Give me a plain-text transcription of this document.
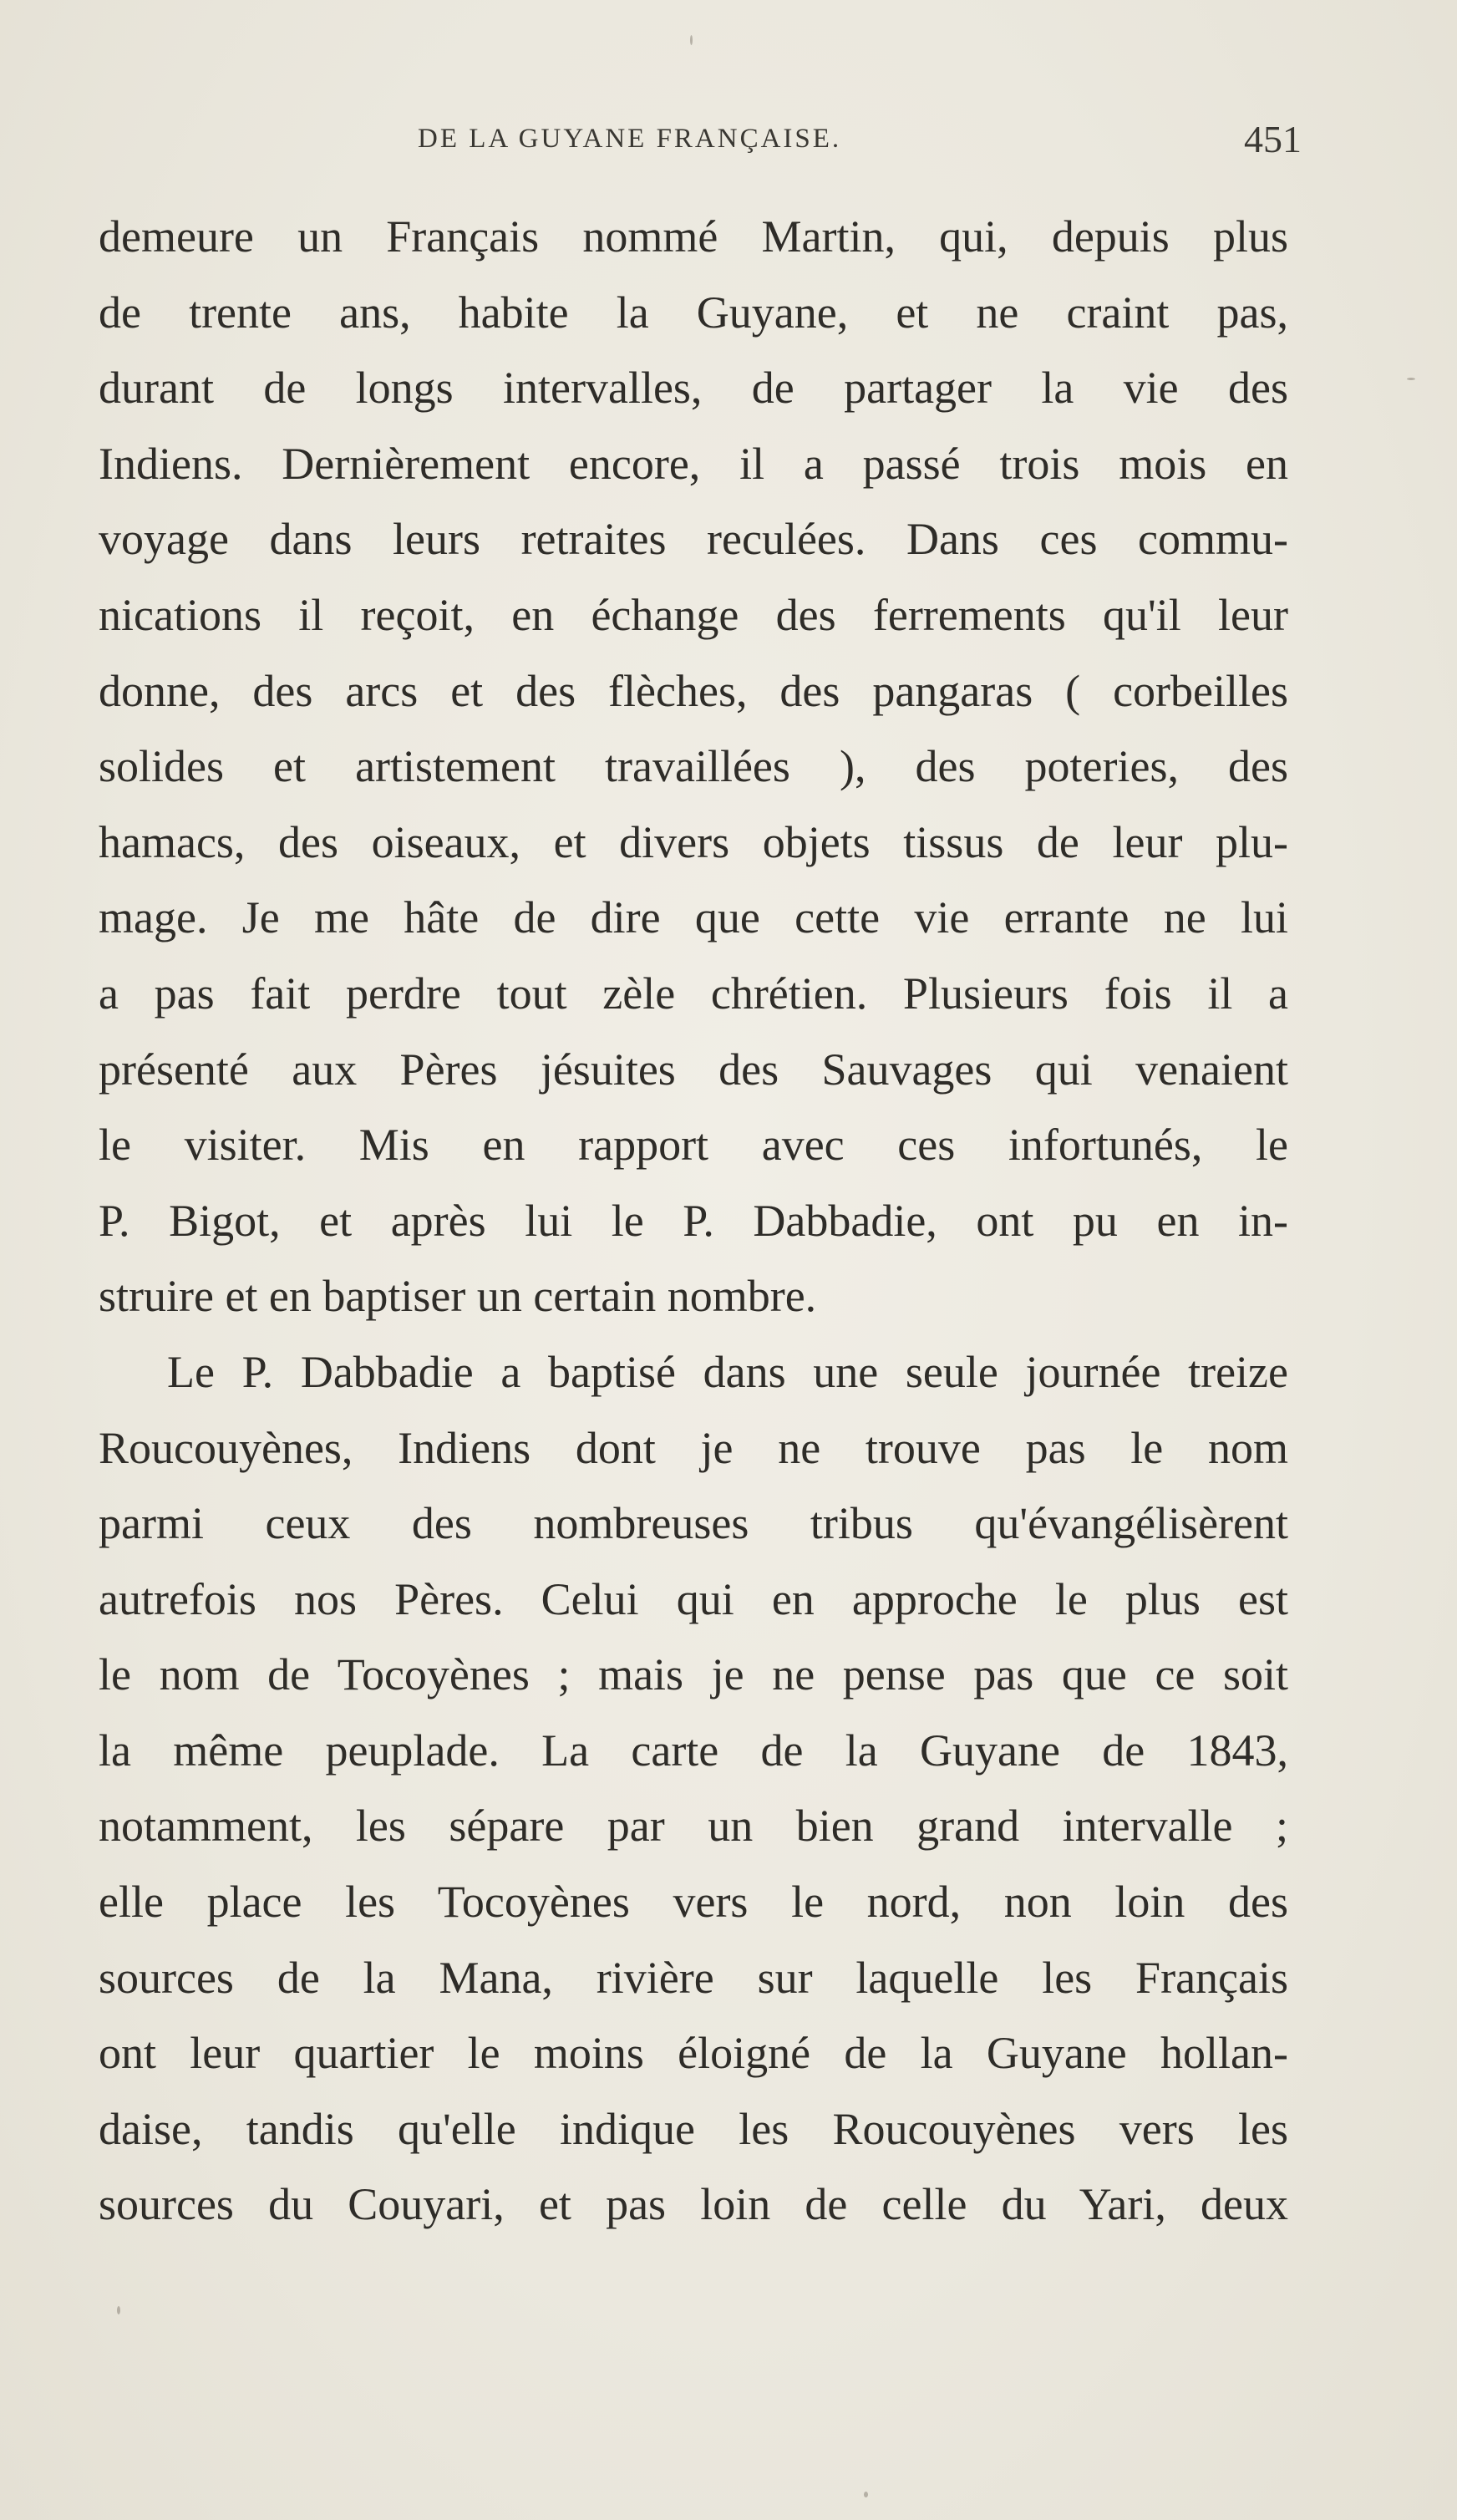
DE LA GUYANE FRANÇAISE.	451
demeure un Français nommé Martin, qui, depuis plus
de trente ans, habite la Guyane, et ne craint pas,
durant de longs intervalles, de partager la vie des
Indiens. Dernièrement encore, il a passé trois mois en
voyage dans leurs retraites reculées. Dans ces commu-
nications il reçoit, en échange des ferrements qu'il leur
donne, des arcs et des flèches, des pangaras ( corbeilles
solides et artistement travaillées ), des poteries, des
hamacs, des oiseaux, et divers objets tissus de leur plu-
mage. Je me hâte de dire que cette vie errante ne lui
a pas fait perdre tout zèle chrétien. Plusieurs fois il a
présenté aux Pères jésuites des Sauvages qui venaient
le visiter. Mis en rapport avec ces infortunés, le
P. Bigot, et après lui le P. Dabbadie, ont pu en in-
struire et en baptiser un certain nombre.
Le P. Dabbadie a baptisé dans une seule journée treize
Roucouyènes, Indiens dont je ne trouve pas le nom
parmi ceux des nombreuses tribus qu'évangélisèrent
autrefois nos Pères. Celui qui en approche le plus est
le nom de Tocoyènes ; mais je ne pense pas que ce soit
la même peuplade. La carte de la Guyane de 1843,
notamment, les sépare par un bien grand intervalle ;
elle place les Tocoyènes vers le nord, non loin des
sources de la Mana, rivière sur laquelle les Français
ont leur quartier le moins éloigné de la Guyane hollan-
daise, tandis qu'elle indique les Roucouyènes vers les
sources du Couyari, et pas loin de celle du Yari, deux
